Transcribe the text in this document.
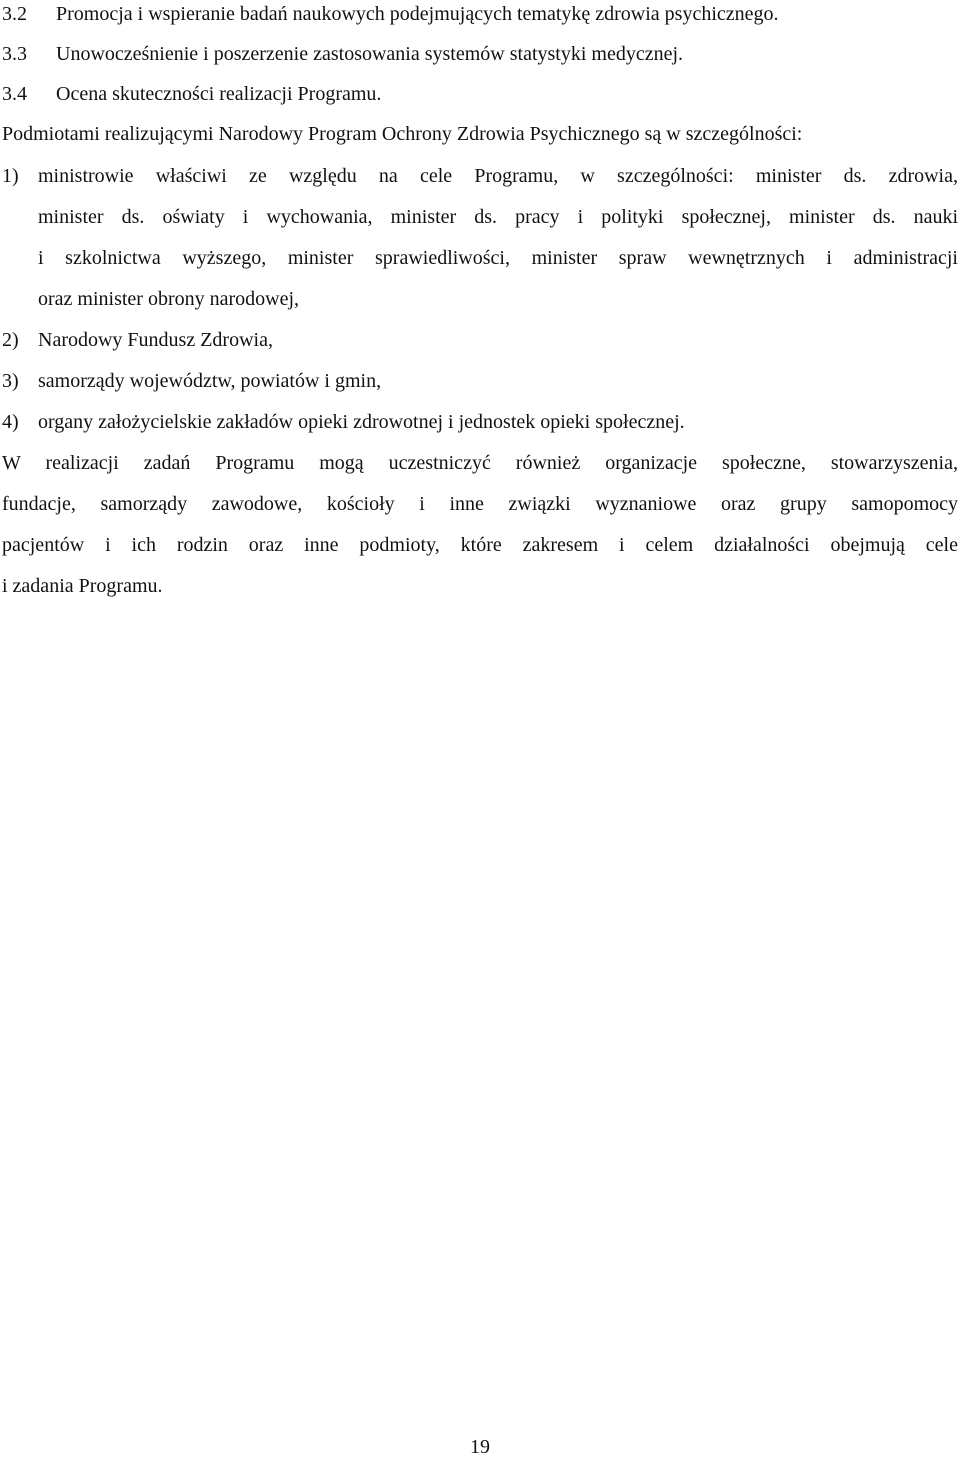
3.2 Promocja i wspieranie badań naukowych podejmujących tematykę zdrowia psychicznego.
3.3 Unowocześnienie i poszerzenie zastosowania systemów statystyki medycznej.
3.4 Ocena skuteczności realizacji Programu.
Podmiotami realizującymi Narodowy Program Ochrony Zdrowia Psychicznego są w szczególności:
1) ministrowie właściwi ze względu na cele Programu, w szczególności: minister ds. zdrowia,
minister ds. oświaty i wychowania, minister ds. pracy i polityki społecznej, minister ds. nauki
i szkolnictwa wyższego, minister sprawiedliwości, minister spraw wewnętrznych i administracji
oraz minister obrony narodowej,
2) Narodowy Fundusz Zdrowia,
3) samorządy województw, powiatów i gmin,
4) organy założycielskie zakładów opieki zdrowotnej i jednostek opieki społecznej.
W realizacji zadań Programu mogą uczestniczyć również organizacje społeczne, stowarzyszenia,
fundacje, samorządy zawodowe, kościoły i inne związki wyznaniowe oraz grupy samopomocy
pacjentów i ich rodzin oraz inne podmioty, które zakresem i celem działalności obejmują cele
i zadania Programu.
19
